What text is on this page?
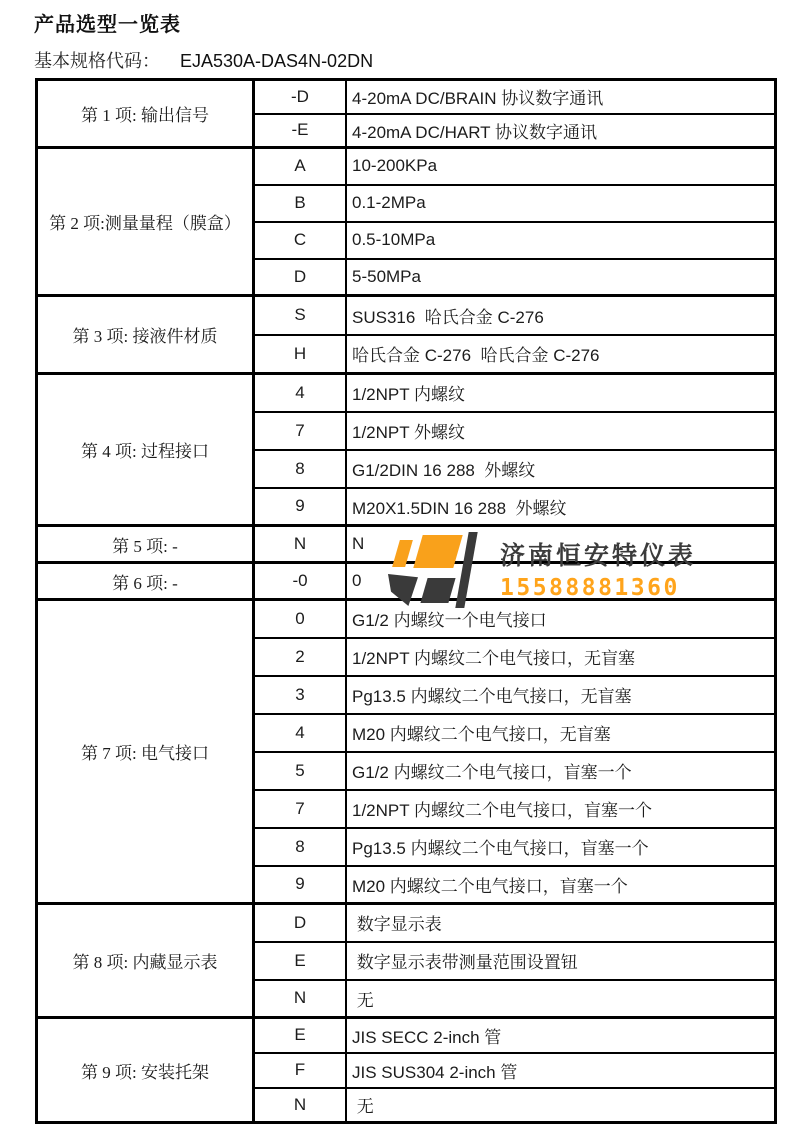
产品选型一览表
基本规格代码： EJA530A-DAS4N-02DN
第 1 项: 输出信号	-D	4-20mA DC/BRAIN 协议数字通讯
	-E	4-20mA DC/HART 协议数字通讯
第 2 项:测量量程（膜盒）	A	10-200KPa
	B	0.1-2MPa
	C	0.5-10MPa
	D	5-50MPa
第 3 项: 接液件材质	S	SUS316  哈氏合金 C-276
	H	哈氏合金 C-276  哈氏合金 C-276
第 4 项: 过程接口	4	1/2NPT 内螺纹
	7	1/2NPT 外螺纹
	8	G1/2DIN 16 288  外螺纹
	9	M20X1.5DIN 16 288  外螺纹
第 5 项: -	N	N
第 6 项: -	-0	0
第 7 项: 电气接口	0	G1/2 内螺纹一个电气接口
	2	1/2NPT 内螺纹二个电气接口，无盲塞
	3	Pg13.5 内螺纹二个电气接口，无盲塞
	4	M20 内螺纹二个电气接口，无盲塞
	5	G1/2 内螺纹二个电气接口，盲塞一个
	7	1/2NPT 内螺纹二个电气接口，盲塞一个
	8	Pg13.5 内螺纹二个电气接口，盲塞一个
	9	M20 内螺纹二个电气接口，盲塞一个
第 8 项: 内藏显示表	D	数字显示表
	E	数字显示表带测量范围设置钮
	N	无
第 9 项: 安装托架	E	JIS SECC 2-inch 管
	F	JIS SUS304 2-inch 管
	N	无
济南恒安特仪表
15588881360
